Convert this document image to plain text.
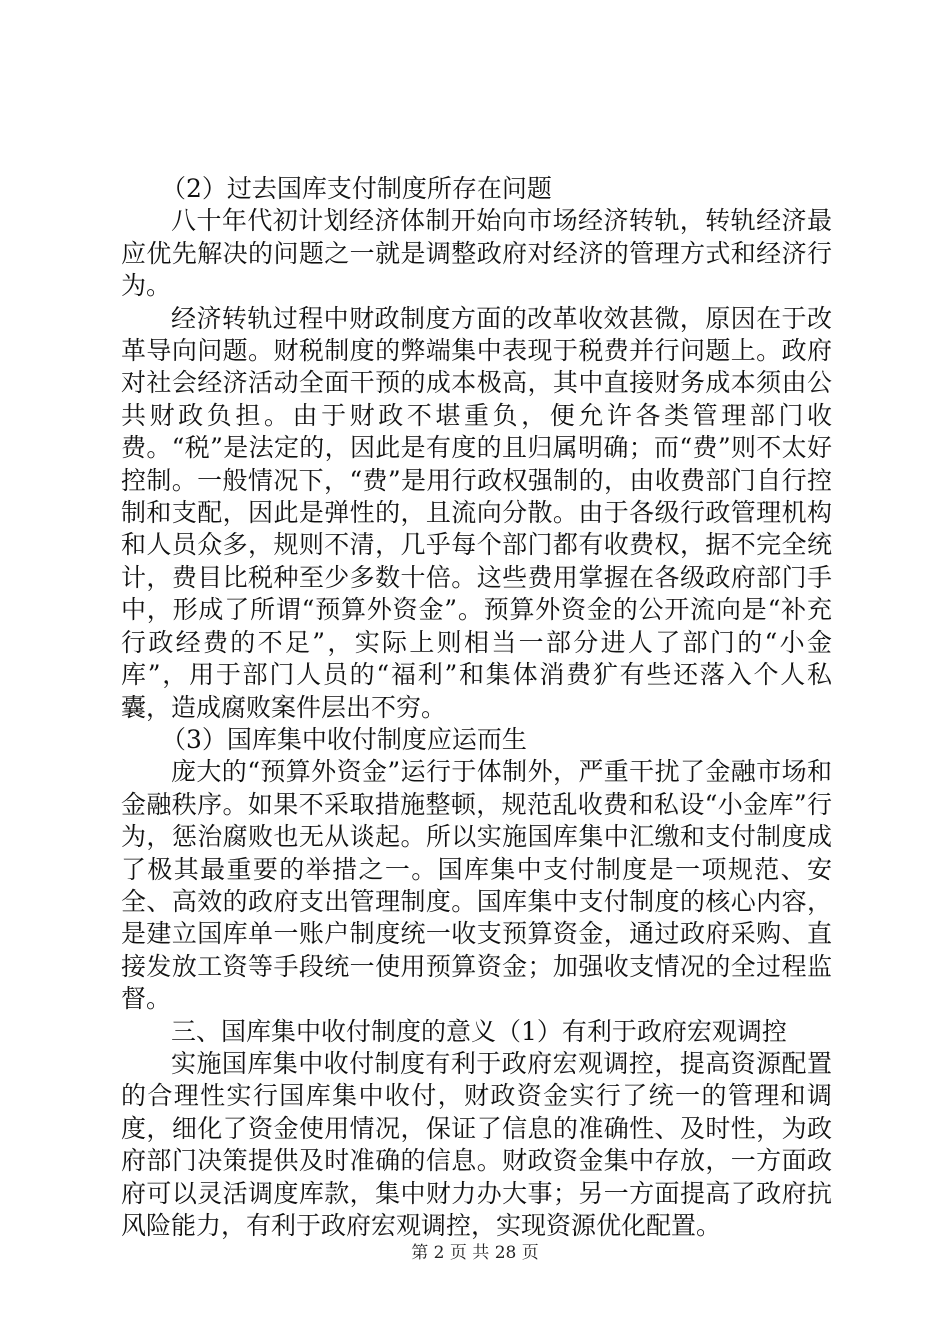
（2）过去国库支付制度所存在问题

八十年代初计划经济体制开始向市场经济转轨，转轨经济最应优先解决的问题之一就是调整政府对经济的管理方式和经济行为。

经济转轨过程中财政制度方面的改革收效甚微，原因在于改革导向问题。财税制度的弊端集中表现于税费并行问题上。政府对社会经济活动全面干预的成本极高，其中直接财务成本须由公共财政负担。由于财政不堪重负，便允许各类管理部门收费。“税”是法定的，因此是有度的且归属明确；而“费”则不太好控制。一般情况下，“费”是用行政权强制的，由收费部门自行控制和支配，因此是弹性的，且流向分散。由于各级行政管理机构和人员众多，规则不清，几乎每个部门都有收费权，据不完全统计，费目比税种至少多数十倍。这些费用掌握在各级政府部门手中，形成了所谓“预算外资金”。预算外资金的公开流向是“补充行政经费的不足”，实际上则相当一部分进人了部门的“小金库”，用于部门人员的“福利”和集体消费犷有些还落入个人私囊，造成腐败案件层出不穷。

（3）国库集中收付制度应运而生

庞大的“预算外资金”运行于体制外，严重干扰了金融市场和金融秩序。如果不采取措施整顿，规范乱收费和私设“小金库”行为，惩治腐败也无从谈起。所以实施国库集中汇缴和支付制度成了极其最重要的举措之一。国库集中支付制度是一项规范、安全、高效的政府支出管理制度。国库集中支付制度的核心内容，是建立国库单一账户制度统一收支预算资金，通过政府采购、直接发放工资等手段统一使用预算资金；加强收支情况的全过程监督。

三、国库集中收付制度的意义（1）有利于政府宏观调控

实施国库集中收付制度有利于政府宏观调控，提高资源配置的合理性实行国库集中收付，财政资金实行了统一的管理和调度，细化了资金使用情况，保证了信息的准确性、及时性，为政府部门决策提供及时准确的信息。财政资金集中存放，一方面政府可以灵活调度库款，集中财力办大事；另一方面提高了政府抗风险能力，有利于政府宏观调控，实现资源优化配置。

第 2 页 共 28 页
